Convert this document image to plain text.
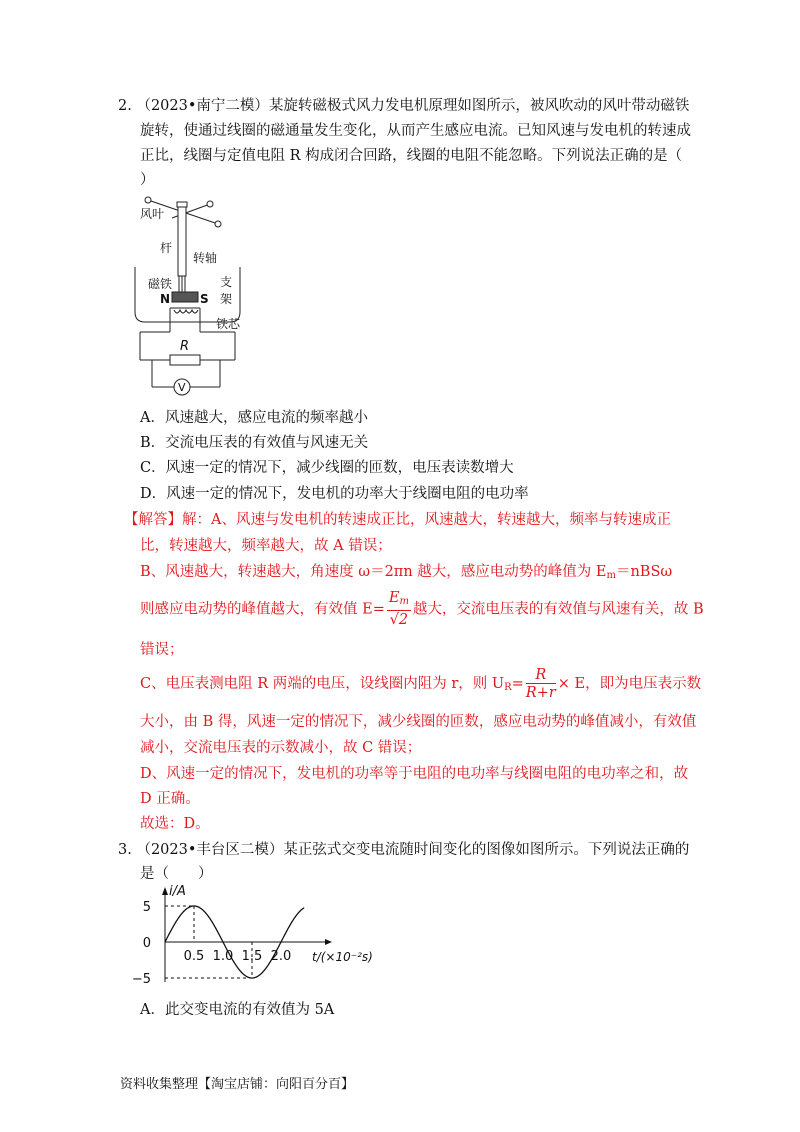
2. （2023•南宁二模）某旋转磁极式风力发电机原理如图所示，被风吹动的风叶带动磁铁
旋转，使通过线圈的磁通量发生变化，从而产生感应电流。已知风速与发电机的转速成
正比，线圈与定值电阻 R 构成闭合回路，线圈的电阻不能忽略。下列说法正确的是（
）
风叶
杆
转轴
磁铁	支
架
N S
铁芯
R
V
A．风速越大，感应电流的频率越小
B．交流电压表的有效值与风速无关
C．风速一定的情况下，减少线圈的匝数，电压表读数增大
D．风速一定的情况下，发电机的功率大于线圈电阻的电功率
【解答】解：A、风速与发电机的转速成正比，风速越大，转速越大，频率与转速成正
比，转速越大，频率越大，故 A 错误；
B、风速越大，转速越大，角速度 ω＝2πn 越大，感应电动势的峰值为 $E_m=nBS\omega$
则感应电动势的峰值越大，有效值 $E= \frac{E_m}{√2}$ 越大，交流电压表的有效值与风速有关，故 B
错误；
C、电压表测电阻 R 两端的电压，设线圈内阻为 r，则 $U_R= \frac{R}{R+r} \times E$，即为电压表示数
大小，由 B 得，风速一定的情况下，减少线圈的匝数，感应电动势的峰值减小，有效值
减小，交流电压表的示数减小，故 C 错误；
D、风速一定的情况下，发电机的功率等于电阻的电功率与线圈电阻的电功率之和，故
D 正确。
故选：D。
3. （2023•丰台区二模）某正弦式交变电流随时间变化的图像如图所示。下列说法正确的
是（　　）
i/A
t/(×10⁻²s)
5
0
−5
0.5 1.0 1.5 2.0
A．此交变电流的有效值为 5A
资料收集整理【淘宝店铺：向阳百分百】
